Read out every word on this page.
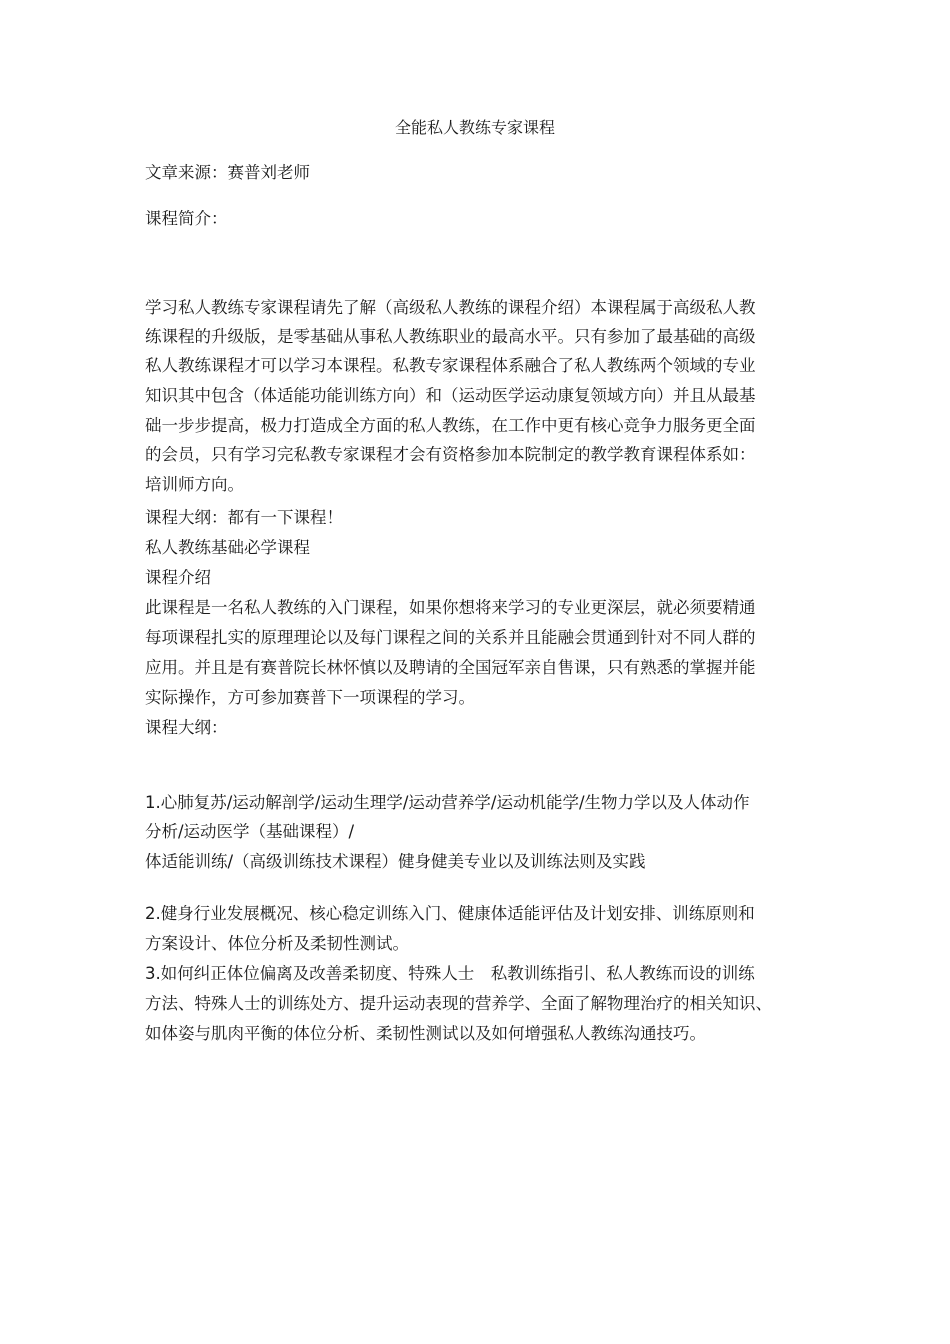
全能私人教练专家课程
文章来源：赛普刘老师
课程简介：
学习私人教练专家课程请先了解（高级私人教练的课程介绍）本课程属于高级私人教
练课程的升级版，是零基础从事私人教练职业的最高水平。只有参加了最基础的高级
私人教练课程才可以学习本课程。私教专家课程体系融合了私人教练两个领域的专业
知识其中包含（体适能功能训练方向）和（运动医学运动康复领域方向）并且从最基
础一步步提高，极力打造成全方面的私人教练，在工作中更有核心竞争力服务更全面
的会员，只有学习完私教专家课程才会有资格参加本院制定的教学教育课程体系如：
培训师方向。
课程大纲：都有一下课程！
私人教练基础必学课程
课程介绍
此课程是一名私人教练的入门课程，如果你想将来学习的专业更深层，就必须要精通
每项课程扎实的原理理论以及每门课程之间的关系并且能融会贯通到针对不同人群的
应用。并且是有赛普院长林怀慎以及聘请的全国冠军亲自售课，只有熟悉的掌握并能
实际操作，方可参加赛普下一项课程的学习。
课程大纲：
1.心肺复苏/运动解剖学/运动生理学/运动营养学/运动机能学/生物力学以及人体动作
分析/运动医学（基础课程）/
体适能训练/（高级训练技术课程）健身健美专业以及训练法则及实践
2.健身行业发展概况、核心稳定训练入门、健康体适能评估及计划安排、训练原则和
方案设计、体位分析及柔韧性测试。
3.如何纠正体位偏离及改善柔韧度、特殊人士　私教训练指引、私人教练而设的训练
方法、特殊人士的训练处方、提升运动表现的营养学、全面了解物理治疗的相关知识、
如体姿与肌肉平衡的体位分析、柔韧性测试以及如何增强私人教练沟通技巧。
